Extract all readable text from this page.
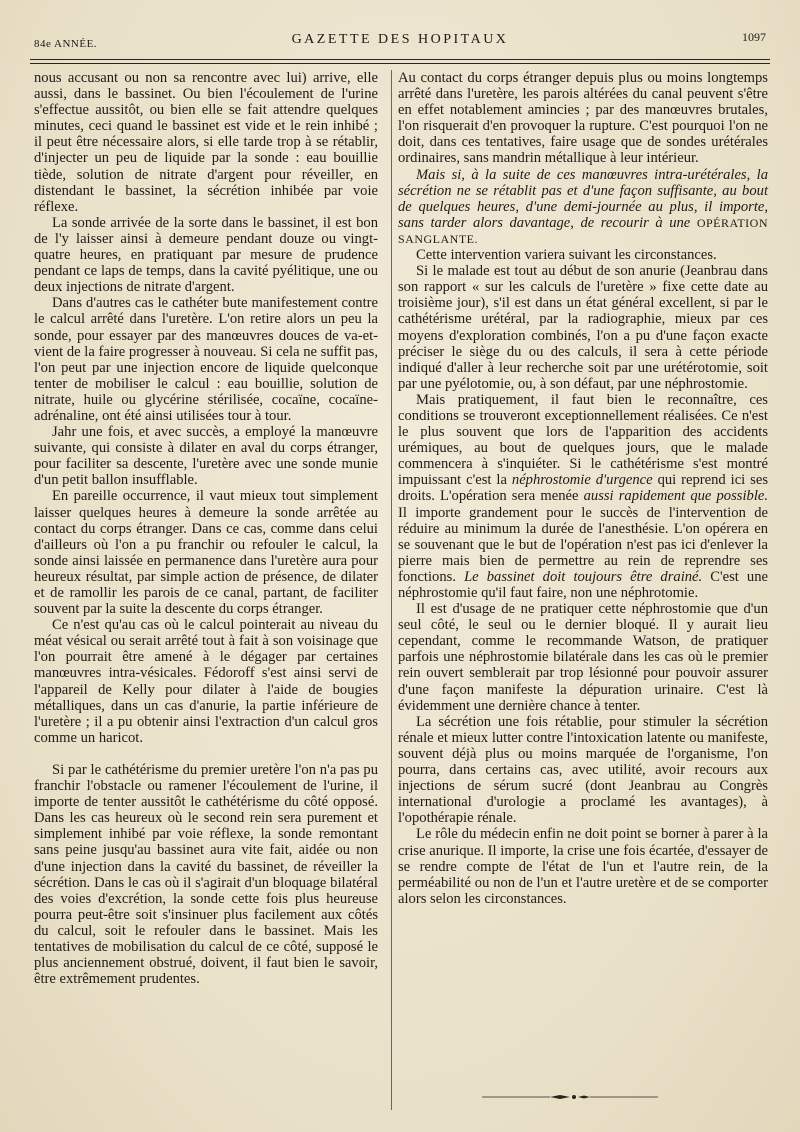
84e ANNÉE.	GAZETTE DES HOPITAUX	1097

nous accusant ou non sa rencontre avec lui) arrive, elle aussi, dans le bassinet. Ou bien l'écoulement de l'urine s'effectue aussitôt, ou bien elle se fait attendre quelques minutes, ceci quand le bassinet est vide et le rein inhibé ; il peut être nécessaire alors, si elle tarde trop à se rétablir, d'injecter un peu de liquide par la sonde : eau bouillie tiède, solution de nitrate d'argent pour réveiller, en distendant le bassinet, la sécrétion inhibée par voie réflexe.

La sonde arrivée de la sorte dans le bassinet, il est bon de l'y laisser ainsi à demeure pendant douze ou vingt-quatre heures, en pratiquant par mesure de prudence pendant ce laps de temps, dans la cavité pyélitique, une ou deux injections de nitrate d'argent.

Dans d'autres cas le cathéter bute manifestement contre le calcul arrêté dans l'uretère. L'on retire alors un peu la sonde, pour essayer par des manœuvres douces de va-et-vient de la faire progresser à nouveau. Si cela ne suffit pas, l'on peut par une injection encore de liquide quelconque tenter de mobiliser le calcul : eau bouillie, solution de nitrate, huile ou glycérine stérilisée, cocaïne, cocaïne-adrénaline, ont été ainsi utilisées tour à tour.

Jahr une fois, et avec succès, a employé la manœuvre suivante, qui consiste à dilater en aval du corps étranger, pour faciliter sa descente, l'uretère avec une sonde munie d'un petit ballon insufflable.

En pareille occurrence, il vaut mieux tout simplement laisser quelques heures à demeure la sonde arrêtée au contact du corps étranger. Dans ce cas, comme dans celui d'ailleurs où l'on a pu franchir ou refouler le calcul, la sonde ainsi laissée en permanence dans l'uretère aura pour heureux résultat, par simple action de présence, de dilater et de ramollir les parois de ce canal, partant, de faciliter souvent par la suite la descente du corps étranger.

Ce n'est qu'au cas où le calcul pointerait au niveau du méat vésical ou serait arrêté tout à fait à son voisinage que l'on pourrait être amené à le dégager par certaines manœuvres intra-vésicales. Fédoroff s'est ainsi servi de l'appareil de Kelly pour dilater à l'aide de bougies métalliques, dans un cas d'anurie, la partie inférieure de l'uretère ; il a pu obtenir ainsi l'extraction d'un calcul gros comme un haricot.

Si par le cathétérisme du premier uretère l'on n'a pas pu franchir l'obstacle ou ramener l'écoulement de l'urine, il importe de tenter aussitôt le cathétérisme du côté opposé. Dans les cas heureux où le second rein sera purement et simplement inhibé par voie réflexe, la sonde remontant sans peine jusqu'au bassinet aura vite fait, aidée ou non d'une injection dans la cavité du bassinet, de réveiller la sécrétion. Dans le cas où il s'agirait d'un bloquage bilatéral des voies d'excrétion, la sonde cette fois plus heureuse pourra peut-être soit s'insinuer plus facilement aux côtés du calcul, soit le refouler dans le bassinet. Mais les tentatives de mobilisation du calcul de ce côté, supposé le plus anciennement obstrué, doivent, il faut bien le savoir, être extrêmement prudentes.

Au contact du corps étranger depuis plus ou moins longtemps arrêté dans l'uretère, les parois altérées du canal peuvent s'être en effet notablement amincies ; par des manœuvres brutales, l'on risquerait d'en provoquer la rupture. C'est pourquoi l'on ne doit, dans ces tentatives, faire usage que de sondes urétérales ordinaires, sans mandrin métallique à leur intérieur.

Mais si, à la suite de ces manœuvres intra-urétérales, la sécrétion ne se rétablit pas et d'une façon suffisante, au bout de quelques heures, d'une demi-journée au plus, il importe, sans tarder alors davantage, de recourir à une OPÉRATION SANGLANTE.

Cette intervention variera suivant les circonstances.

Si le malade est tout au début de son anurie (Jeanbrau dans son rapport « sur les calculs de l'uretère » fixe cette date au troisième jour), s'il est dans un état général excellent, si par le cathétérisme urétéral, par la radiographie, mieux par ces moyens d'exploration combinés, l'on a pu d'une façon exacte préciser le siège du ou des calculs, il sera à cette période indiqué d'aller à leur recherche soit par une urétérotomie, soit par une pyélotomie, ou, à son défaut, par une néphrostomie.

Mais pratiquement, il faut bien le reconnaître, ces conditions se trouveront exceptionnellement réalisées. Ce n'est le plus souvent que lors de l'apparition des accidents urémiques, au bout de quelques jours, que le malade commencera à s'inquiéter. Si le cathétérisme s'est montré impuissant c'est la néphrostomie d'urgence qui reprend ici ses droits. L'opération sera menée aussi rapidement que possible. Il importe grandement pour le succès de l'intervention de réduire au minimum la durée de l'anesthésie. L'on opérera en se souvenant que le but de l'opération n'est pas ici d'enlever la pierre mais bien de permettre au rein de reprendre ses fonctions. Le bassinet doit toujours être drainé. C'est une néphrostomie qu'il faut faire, non une néphrotomie.

Il est d'usage de ne pratiquer cette néphrostomie que d'un seul côté, le seul ou le dernier bloqué. Il y aurait lieu cependant, comme le recommande Watson, de pratiquer parfois une néphrostomie bilatérale dans les cas où le premier rein ouvert semblerait par trop lésionné pour pouvoir assurer d'une façon manifeste la dépuration urinaire. C'est là évidemment une dernière chance à tenter.

La sécrétion une fois rétablie, pour stimuler la sécrétion rénale et mieux lutter contre l'intoxication latente ou manifeste, souvent déjà plus ou moins marquée de l'organisme, l'on pourra, dans certains cas, avec utilité, avoir recours aux injections de sérum sucré (dont Jeanbrau au Congrès international d'urologie a proclamé les avantages), à l'opothérapie rénale.

Le rôle du médecin enfin ne doit point se borner à parer à la crise anurique. Il importe, la crise une fois écartée, d'essayer de se rendre compte de l'état de l'un et l'autre rein, de la perméabilité ou non de l'un et l'autre uretère et de se comporter alors selon les circonstances.
